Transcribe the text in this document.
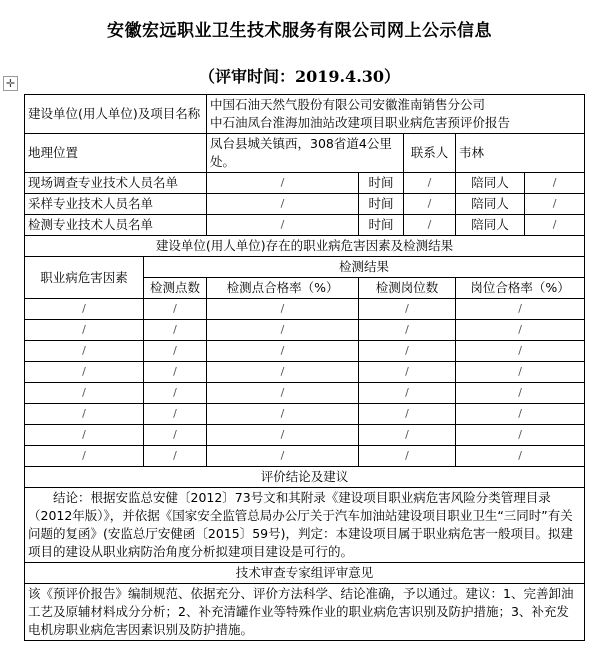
安徽宏远职业卫生技术服务有限公司网上公示信息
（评审时间：2019.4.30）
✛
建设单位(用人单位)及项目名称		中国石油天然气股份有限公司安徽淮南销售分公司
中石油凤台淮海加油站改建项目职业病危害预评价报告				

地理位置		凤台县城关镇西，308省道4公里处。		联系人	韦林	
现场调查专业技术人员名单		/	时间	/	陪同人	/
采样专业技术人员名单		/	时间	/	陪同人	/
检测专业技术人员名单		/	时间	/	陪同人	/
建设单位(用人单位)存在的职业病危害因素及检测结果						
职业病危害因素	检测结果					
	检测点数	检测点合格率（%）	检测岗位数		岗位合格率（%）	
/	/	/	/		/	
/	/	/	/		/	
/	/	/	/		/	
/	/	/	/		/	
/	/	/	/		/	
/	/	/	/		/	
/	/	/	/		/	
/	/	/	/		/	
评价结论及建议						
结论：根据安监总安健〔2012〕73号文和其附录《建设项目职业病危害风险分类管理目录（2012年版）》，并依据《国家安全监管总局办公厅关于汽车加油站建设项目职业卫生“三同时”有关问题的复函》(安监总厅安健函〔2015〕59号)，判定：本建设项目属于职业病危害一般项目。拟建项目的建设从职业病防治角度分析拟建项目建设是可行的。						
技术审查专家组评审意见						
该《预评价报告》编制规范、依据充分、评价方法科学、结论准确，予以通过。建议：1、完善卸油工艺及原辅材料成分分析；2、补充清罐作业等特殊作业的职业病危害识别及防护措施；3、补充发电机房职业病危害因素识别及防护措施。						
